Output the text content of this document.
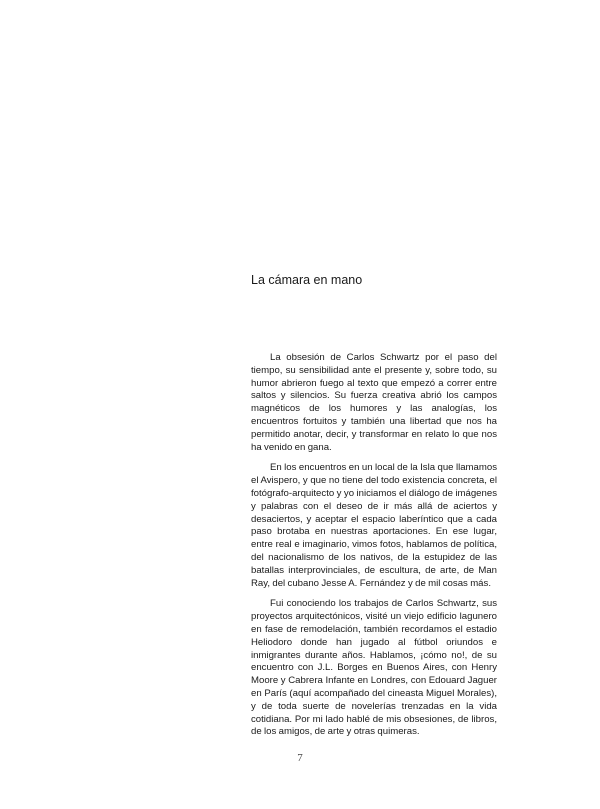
La cámara en mano

La obsesión de Carlos Schwartz por el paso del tiempo, su sensibilidad ante el presente y, sobre todo, su humor abrieron fuego al texto que empezó a correr entre saltos y silencios. Su fuerza creativa abrió los campos magnéticos de los humores y las analogías, los encuentros fortuitos y también una libertad que nos ha permitido anotar, decir, y transformar en relato lo que nos ha venido en gana.

En los encuentros en un local de la Isla que llamamos el Avispero, y que no tiene del todo existencia concreta, el fotógrafo-arquitecto y yo iniciamos el diálogo de imágenes y palabras con el deseo de ir más allá de aciertos y desaciertos, y aceptar el espacio laberíntico que a cada paso brotaba en nuestras aportaciones. En ese lugar, entre real e imaginario, vimos fotos, hablamos de política, del nacionalismo de los nativos, de la estupidez de las batallas interprovinciales, de escultura, de arte, de Man Ray, del cubano Jesse A. Fernández y de mil cosas más.

Fui conociendo los trabajos de Carlos Schwartz, sus proyectos arquitectónicos, visité un viejo edificio lagunero en fase de remodelación, también recordamos el estadio Heliodoro donde han jugado al fútbol oriundos e inmigrantes durante años. Hablamos, ¡cómo no!, de su encuentro con J.L. Borges en Buenos Aires, con Henry Moore y Cabrera Infante en Londres, con Edouard Jaguer en París (aquí acompañado del cineasta Miguel Morales), y de toda suerte de novelerías trenzadas en la vida cotidiana. Por mi lado hablé de mis obsesiones, de libros, de los amigos, de arte y otras quimeras.

7
